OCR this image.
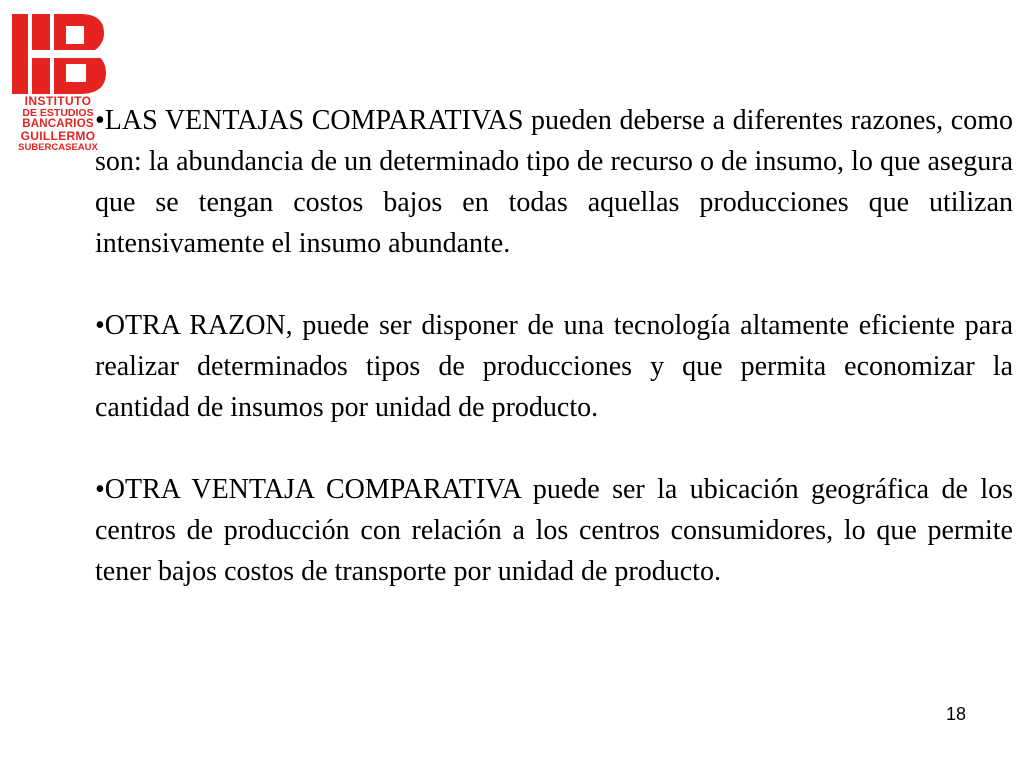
INSTITUTO
DE ESTUDIOS
BANCARIOS
GUILLERMO
SUBERCASEAUX

•LAS VENTAJAS COMPARATIVAS pueden deberse a diferentes razones, como son: la abundancia de un determinado tipo de recurso o de insumo, lo que asegura que se tengan costos bajos en todas aquellas producciones que utilizan intensivamente el insumo abundante.

•OTRA RAZON, puede ser disponer de una tecnología altamente eficiente para realizar determinados tipos de producciones y que permita economizar la cantidad de insumos por unidad de producto.

•OTRA VENTAJA COMPARATIVA puede ser la ubicación geográfica de los centros de producción con relación a los centros consumidores, lo que permite tener bajos costos de transporte por unidad de producto.

18
